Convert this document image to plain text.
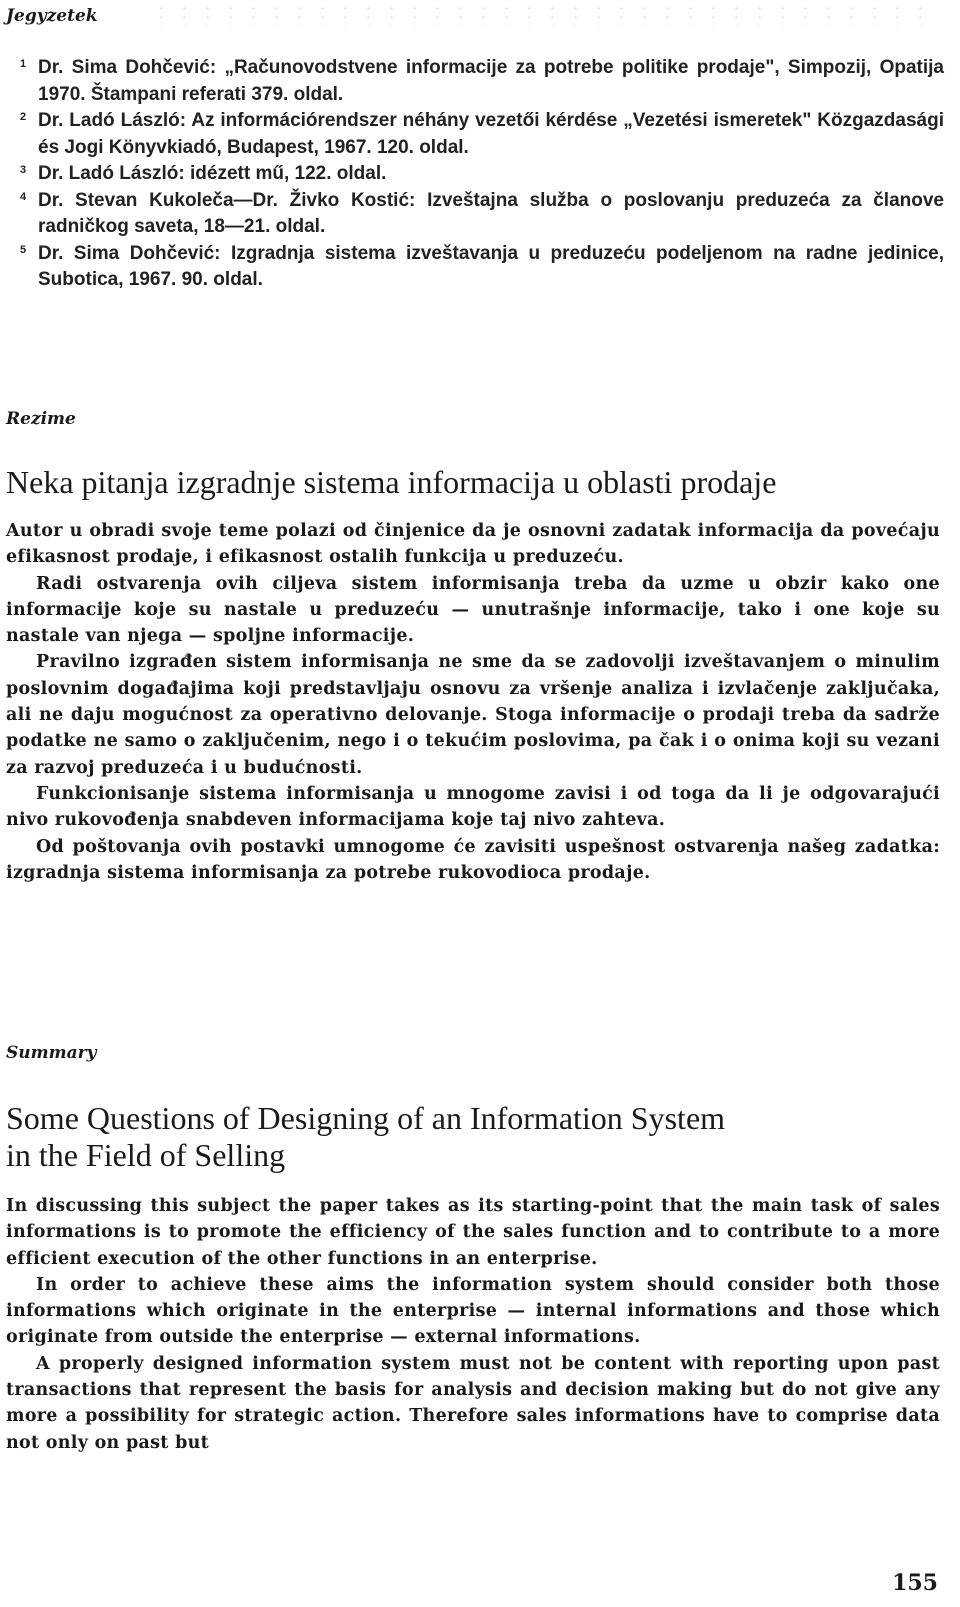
Jegyzetek
1 Dr. Sima Dohčević: „Računovodstvene informacije za potrebe politike prodaje", Simpozij, Opatija 1970. Štampani referati 379. oldal.
2 Dr. Ladó László: Az információrendszer néhány vezetői kérdése „Vezetési ismeretek" Közgazdasági és Jogi Könyvkiadó, Budapest, 1967. 120. oldal.
3 Dr. Ladó László: idézett mű, 122. oldal.
4 Dr. Stevan Kukoleča—Dr. Živko Kostić: Izveštajna služba o poslovanju preduzeća za članove radničkog saveta, 18—21. oldal.
5 Dr. Sima Dohčević: Izgradnja sistema izveštavanja u preduzeću podeljenom na radne jedinice, Subotica, 1967. 90. oldal.
Rezime
Neka pitanja izgradnje sistema informacija u oblasti prodaje

Autor u obradi svoje teme polazi od činjenice da je osnovni zadatak informacija da povećaju efikasnost prodaje, i efikasnost ostalih funkcija u preduzeću.

Radi ostvarenja ovih ciljeva sistem informisanja treba da uzme u obzir kako one informacije koje su nastale u preduzeću — unutrašnje informacije, tako i one koje su nastale van njega — spoljne informacije.

Pravilno izgrađen sistem informisanja ne sme da se zadovolji izveštavanjem o minulim poslovnim događajima koji predstavljaju osnovu za vršenje analiza i izvlačenje zaključaka, ali ne daju mogućnost za operativno delovanje. Stoga informacije o prodaji treba da sadrže podatke ne samo o zaključenim, nego i o tekućim poslovima, pa čak i o onima koji su vezani za razvoj preduzeća i u budućnosti.

Funkcionisanje sistema informisanja u mnogome zavisi i od toga da li je odgovarajući nivo rukovođenja snabdeven informacijama koje taj nivo zahteva.

Od poštovanja ovih postavki umnogome će zavisiti uspešnost ostvarenja našeg zadatka: izgradnja sistema informisanja za potrebe rukovodioca prodaje.

Summary
Some Questions of Designing of an Information System
in the Field of Selling

In discussing this subject the paper takes as its starting-point that the main task of sales informations is to promote the efficiency of the sales function and to contribute to a more efficient execution of the other functions in an enterprise.

In order to achieve these aims the information system should consider both those informations which originate in the enterprise — internal informations and those which originate from outside the enterprise — external informations.

A properly designed information system must not be content with reporting upon past transactions that represent the basis for analysis and decision making but do not give any more a possibility for strategic action. Therefore sales informations have to comprise data not only on past but

155
